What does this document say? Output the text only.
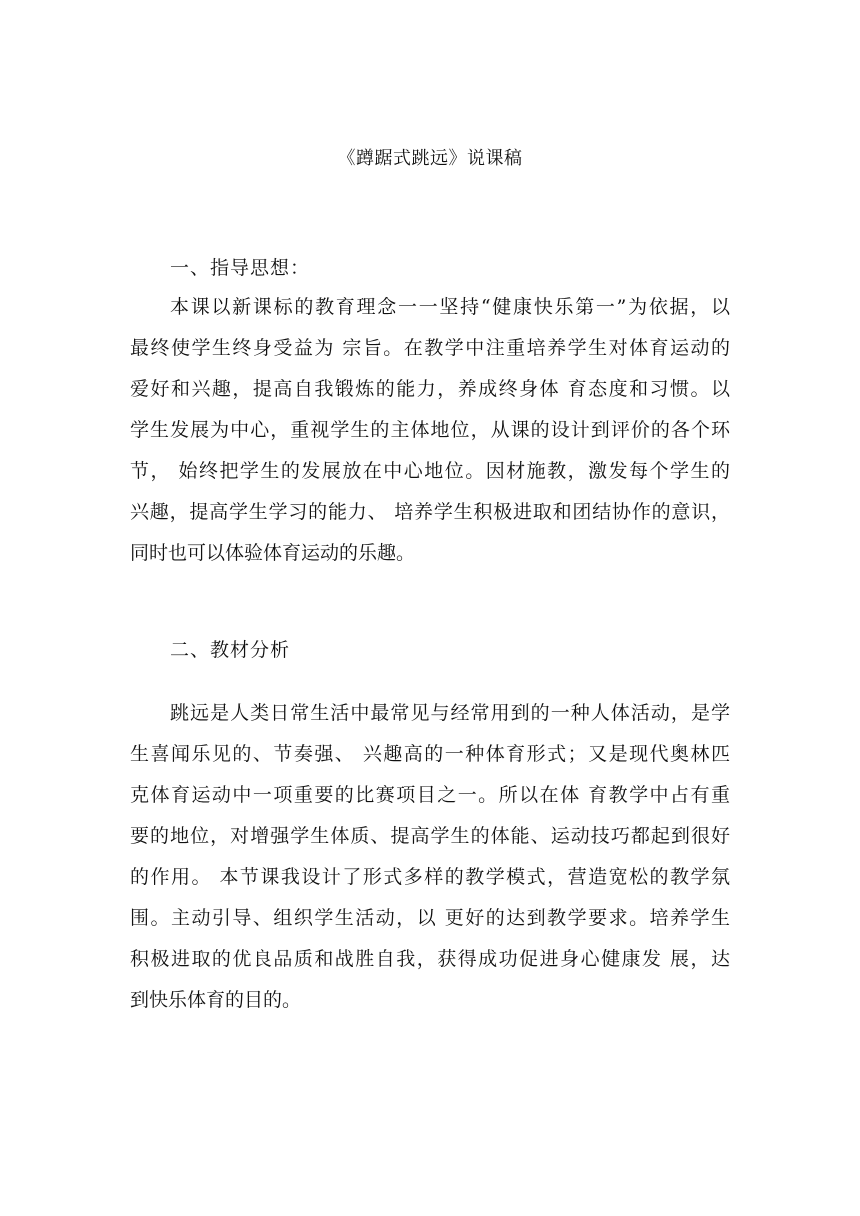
《蹲踞式跳远》说课稿
一、指导思想：
本课以新课标的教育理念一一坚持“健康快乐第一”为依据，以
最终使学生终身受益为 宗旨。在教学中注重培养学生对体育运动的
爱好和兴趣，提高自我锻炼的能力，养成终身体 育态度和习惯。以
学生发展为中心，重视学生的主体地位，从课的设计到评价的各个环
节， 始终把学生的发展放在中心地位。因材施教，激发每个学生的
兴趣，提高学生学习的能力、 培养学生积极进取和团结协作的意识，
同时也可以体验体育运动的乐趣。
二、教材分析
跳远是人类日常生活中最常见与经常用到的一种人体活动，是学
生喜闻乐见的、节奏强、 兴趣高的一种体育形式；又是现代奥林匹
克体育运动中一项重要的比赛项目之一。所以在体 育教学中占有重
要的地位，对增强学生体质、提高学生的体能、运动技巧都起到很好
的作用。 本节课我设计了形式多样的教学模式，营造宽松的教学氛
围。主动引导、组织学生活动，以 更好的达到教学要求。培养学生
积极进取的优良品质和战胜自我，获得成功促进身心健康发 展，达
到快乐体育的目的。
